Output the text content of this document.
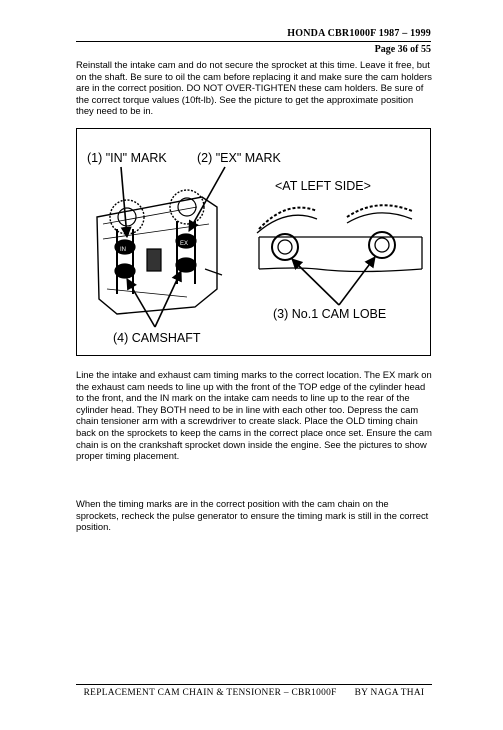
HONDA CBR1000F 1987 – 1999
Page 36 of 55

Reinstall the intake cam and do not secure the sprocket at this time. Leave it free, but on the shaft. Be sure to oil the cam before replacing it and make sure the cam holders are in the correct position. DO NOT OVER-TIGHTEN these cam holders. Be sure of the correct torque values (10ft-lb). See the picture to get the approximate position they need to be in.

(1) "IN" MARK (2) "EX" MARK
<AT LEFT SIDE>
(3) No.1 CAM LOBE
(4) CAMSHAFT
IN
EX

Line the intake and exhaust cam timing marks to the correct location. The EX mark on the exhaust cam needs to line up with the front of the TOP edge of the cylinder head to the front, and the IN mark on the intake cam needs to line up to the rear of the cylinder head. They BOTH need to be in line with each other too. Depress the cam chain tensioner arm with a screwdriver to create slack. Place the OLD timing chain back on the sprockets to keep the cams in the correct place once set. Ensure the cam chain is on the crankshaft sprocket down inside the engine. See the pictures to show proper timing placement.

When the timing marks are in the correct position with the cam chain on the sprockets, recheck the pulse generator to ensure the timing mark is still in the correct position.

REPLACEMENT CAM CHAIN & TENSIONER – CBR1000F BY NAGA THAI
